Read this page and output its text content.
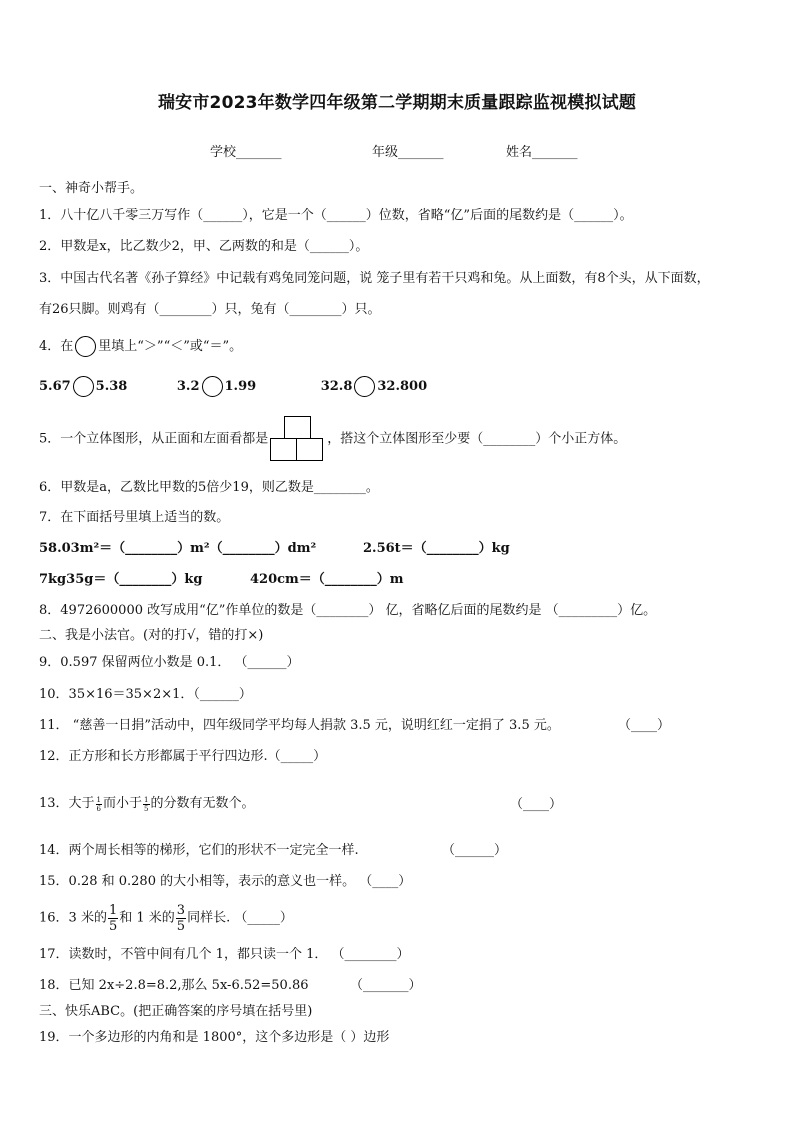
瑞安市2023年数学四年级第二学期期末质量跟踪监视模拟试题
学校_______	年级_______	姓名_______
一、神奇小帮手。
1．八十亿八千零三万写作（______），它是一个（______）位数，省略“亿”后面的尾数约是（______）。
2．甲数是x，比乙数少2，甲、乙两数的和是（______）。
3．中国古代名著《孙子算经》中记载有鸡兔同笼问题，说 笼子里有若干只鸡和兔。从上面数，有8个头，从下面数，
有26只脚。则鸡有（________）只，兔有（________）只。
4．在 里填上“＞”“＜”或“＝”。
5.67 5.38	3.2 1.99	32.8 32.800
5．一个立体图形，从正面和左面看都是	，搭这个立体图形至少要（________）个小正方体。
6．甲数是a，乙数比甲数的5倍少19，则乙数是________。
7．在下面括号里填上适当的数。
58.03m²＝（________）m²（________）dm²	2.56t＝（________）kg
7kg35g＝（________）kg	420cm＝（________）m
8．4972600000 改写成用“亿”作单位的数是（________） 亿，省略亿后面的尾数约是 （_________）亿。
二、我是小法官。(对的打√，错的打×)
9．0.597 保留两位小数是 0.1． （______）
10．35×16＝35×2×1．（______）
11． “慈善一日捐”活动中，四年级同学平均每人捐款 3.5 元，说明红红一定捐了 3.5 元。	（____）
12．正方形和长方形都属于平行四边形.（_____）
13．大于 $\frac{1}{6}$ 而小于 $\frac{1}{5}$ 的分数有无数个。	（____）
14．两个周长相等的梯形，它们的形状不一定完全一样.	（______）
15．0.28 和 0.280 的大小相等，表示的意义也一样。 （____）
16．3 米的 $\frac{1}{5}$ 和 1 米的 $\frac{3}{5}$ 同样长. （_____）
17．读数时，不管中间有几个 1，都只读一个 1． （________）
18．已知 2x÷2.8=8.2,那么 5x-6.52=50.86	（_______）
三、快乐ABC。(把正确答案的序号填在括号里)
19．一个多边形的内角和是 1800°，这个多边形是（ ）边形
